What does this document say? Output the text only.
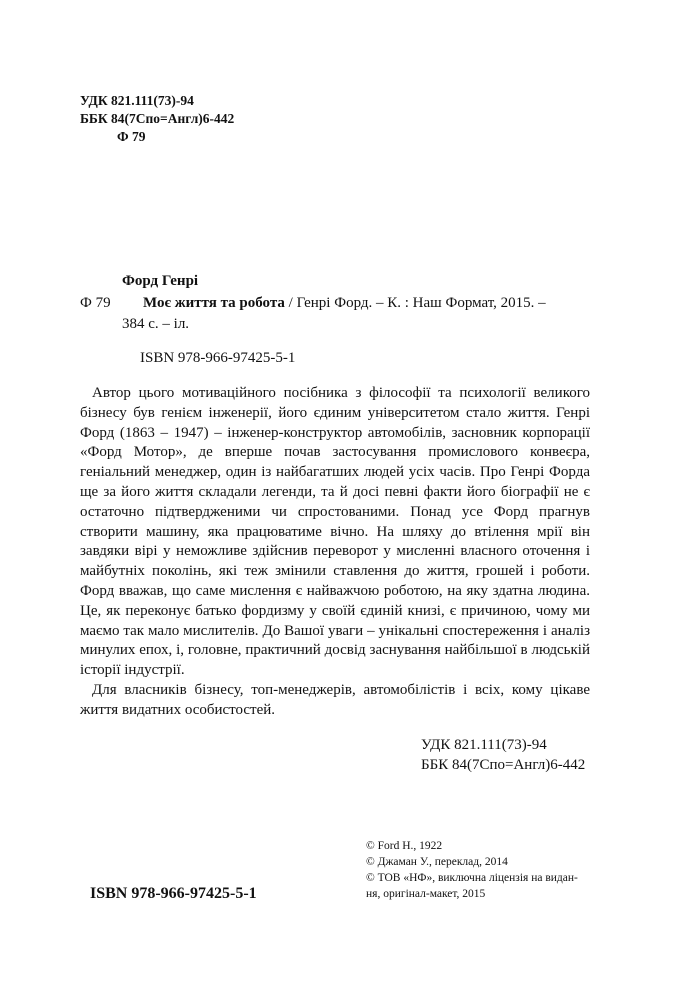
УДК 821.111(73)-94
ББК 84(7Спо=Англ)6-442
Ф 79
Форд Генрі
Ф 79 Моє життя та робота / Генрі Форд. – К. : Наш Формат, 2015. –
384 с. – іл.
ISBN 978-966-97425-5-1

Автор цього мотиваційного посібника з філософії та психології великого бізнесу був генієм інженерії, його єдиним університетом стало життя. Генрі Форд (1863 – 1947) – інженер-конструктор автомобілів, засновник корпорації «Форд Мотор», де вперше почав застосування промислового конвеєра, геніальний менеджер, один із найбагатших людей усіх часів. Про Генрі Форда ще за його життя складали легенди, та й досі певні факти його біографії не є остаточно підтвердженими чи спростованими. Понад усе Форд прагнув створити машину, яка працюватиме вічно. На шляху до втілення мрії він завдяки вірі у неможливе здійснив переворот у мисленні власного оточення і майбутніх поколінь, які теж змінили ставлення до життя, грошей і роботи. Форд вважав, що саме мислення є найважчою роботою, на яку здатна людина. Це, як переконує батько фордизму у своїй єдиній книзі, є причиною, чому ми маємо так мало мислителів. До Вашої уваги – унікальні спостереження і аналіз минулих епох, і, головне, практичний досвід заснування найбільшої в людській історії індустрії.

Для власників бізнесу, топ-менеджерів, автомобілістів і всіх, кому цікаве життя видатних особистостей.

УДК 821.111(73)-94
ББК 84(7Спо=Англ)6-442
© Ford H., 1922
© Джаман У., переклад, 2014
© ТОВ «НФ», виключна ліцензія на видан-
ня, оригінал-макет, 2015
ISBN 978-966-97425-5-1
